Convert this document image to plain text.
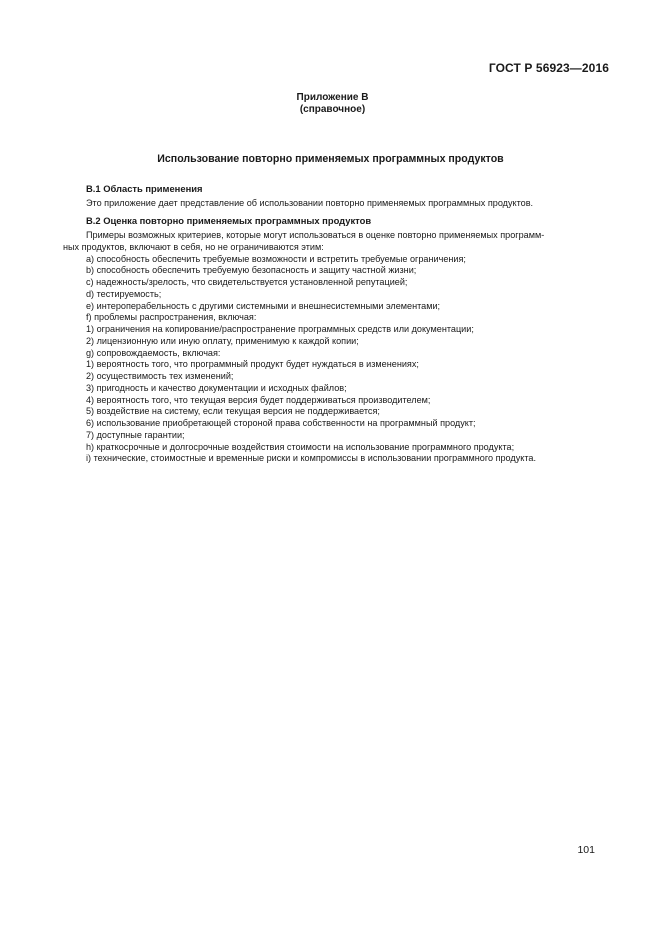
ГОСТ Р 56923—2016
Приложение В
(справочное)
Использование повторно применяемых программных продуктов
В.1 Область применения
Это приложение дает представление об использовании повторно применяемых программных продуктов.
В.2 Оценка повторно применяемых программных продуктов
Примеры возможных критериев, которые могут использоваться в оценке повторно применяемых программ-
ных продуктов, включают в себя, но не ограничиваются этим:
a) способность обеспечить требуемые возможности и встретить требуемые ограничения;
b) способность обеспечить требуемую безопасность и защиту частной жизни;
c) надежность/зрелость, что свидетельствуется установленной репутацией;
d) тестируемость;
e) интероперабельность с другими системными и внешнесистемными элементами;
f) проблемы распространения, включая:
1) ограничения на копирование/распространение программных средств или документации;
2) лицензионную или иную оплату, применимую к каждой копии;
g) сопровождаемость, включая:
1) вероятность того, что программный продукт будет нуждаться в изменениях;
2) осуществимость тех изменений;
3) пригодность и качество документации и исходных файлов;
4) вероятность того, что текущая версия будет поддерживаться производителем;
5) воздействие на систему, если текущая версия не поддерживается;
6) использование приобретающей стороной права собственности на программный продукт;
7) доступные гарантии;
h) краткосрочные и долгосрочные воздействия стоимости на использование программного продукта;
i) технические, стоимостные и временные риски и компромиссы в использовании программного продукта.
101
